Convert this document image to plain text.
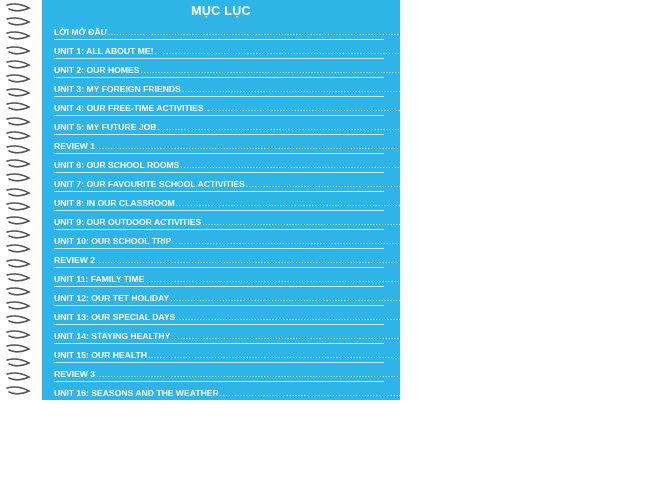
MỤC LỤC
LỜI MỞ ĐẦU .....	5
UNIT 1: ALL ABOUT ME! .....	6
UNIT 2: OUR HOMES .....	17
UNIT 3: MY FOREIGN FRIENDS .....	26
UNIT 4: OUR FREE-TIME ACTIVITIES .....	37
UNIT 5: MY FUTURE JOB .....	46
REVIEW 1 .....	56
UNIT 6: OUR SCHOOL ROOMS .....	62
UNIT 7: OUR FAVOURITE SCHOOL ACTIVITIES .....	72
UNIT 8: IN OUR CLASSROOM .....	81
UNIT 9: OUR OUTDOOR ACTIVITIES .....	91
UNIT 10: OUR SCHOOL TRIP .....	102
REVIEW 2 .....	111
UNIT 11: FAMILY TIME .....	117
UNIT 12: OUR TET HOLIDAY .....	127
UNIT 13: OUR SPECIAL DAYS .....	138
UNIT 14: STAYING HEALTHY .....	147
UNIT 15: OUR HEALTH .....	157
REVIEW 3 .....	166
UNIT 16: SEASONS AND THE WEATHER .....	173
UNIT 17: STORIES FOR CHILDREN .....	184
UNIT 18: MEANS OF TRANSPORT .....	194
UNIT 19: PLACES OF INTEREST .....	205
UNIT 20: OUR SUMMER HOLIDAYS .....	214
